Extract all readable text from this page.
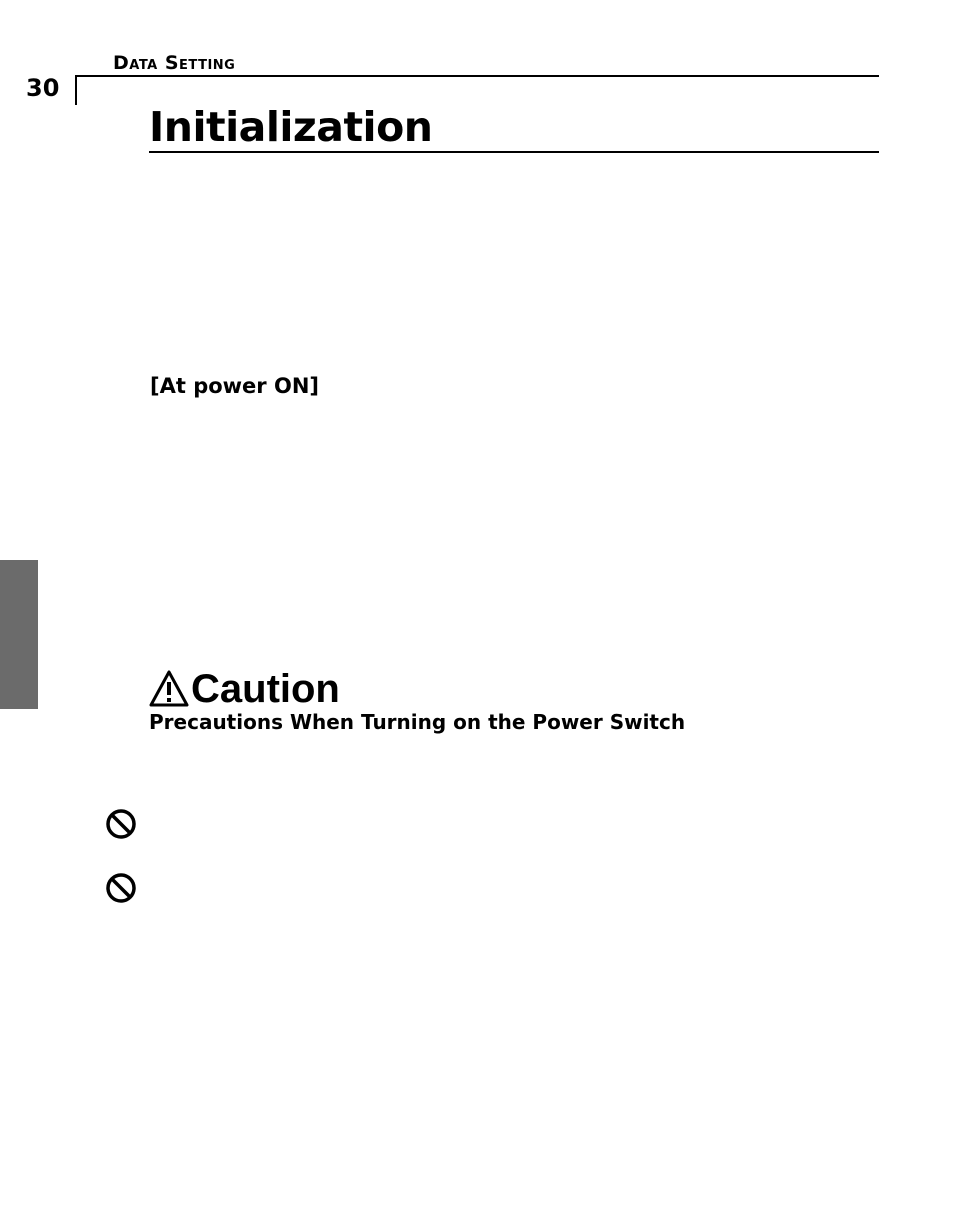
30
Data Setting
Initialization
[At power ON]
Caution
Precautions When Turning on the Power Switch
